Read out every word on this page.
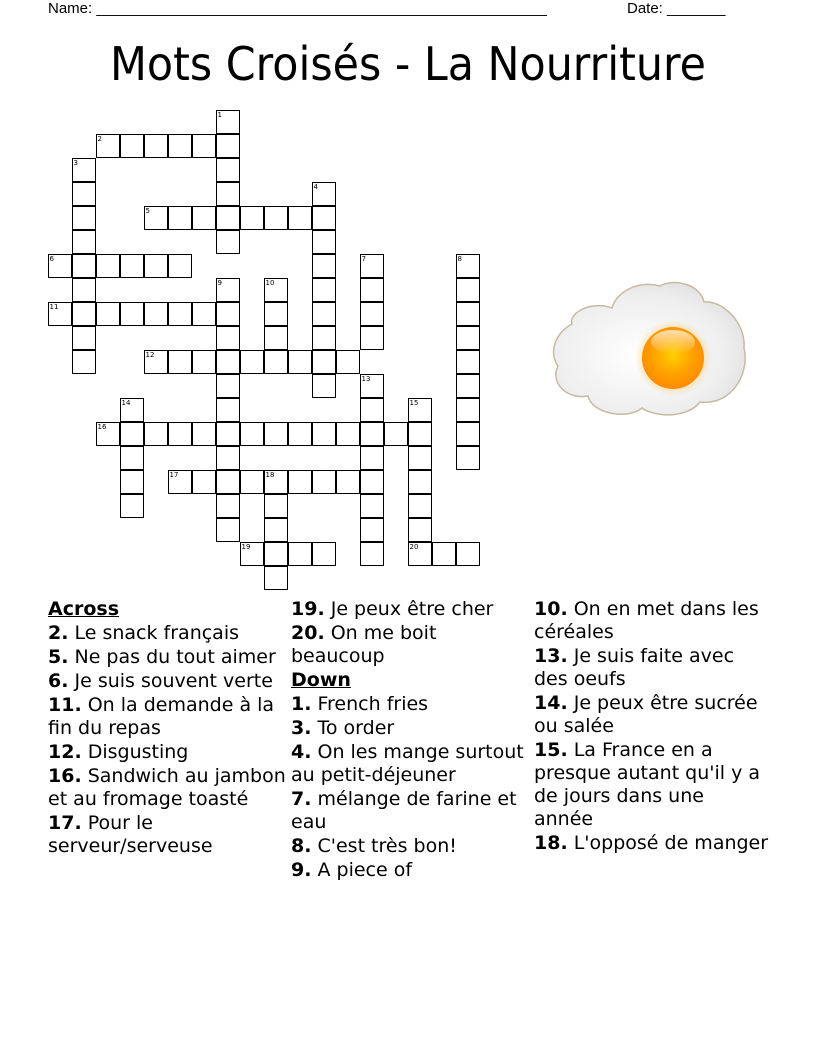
Name: ______________________________________________________	Date: _______
Mots Croisés - La Nourriture
1
2
3
4
5
6	7	8
9	10
11
12
13
14	15
20
16
17	18
19
Across
2. Le snack français
5. Ne pas du tout aimer
6. Je suis souvent verte
11. On la demande à la fin du repas
12. Disgusting
16. Sandwich au jambon et au fromage toasté
17. Pour le serveur/serveuse
19. Je peux être cher
20. On me boit beaucoup
Down
1. French fries
3. To order
4. On les mange surtout au petit-déjeuner
7. mélange de farine et eau
8. C'est très bon!
9. A piece of
10. On en met dans les céréales
13. Je suis faite avec des oeufs
14. Je peux être sucrée ou salée
15. La France en a presque autant qu'il y a de jours dans une année
18. L'opposé de manger
